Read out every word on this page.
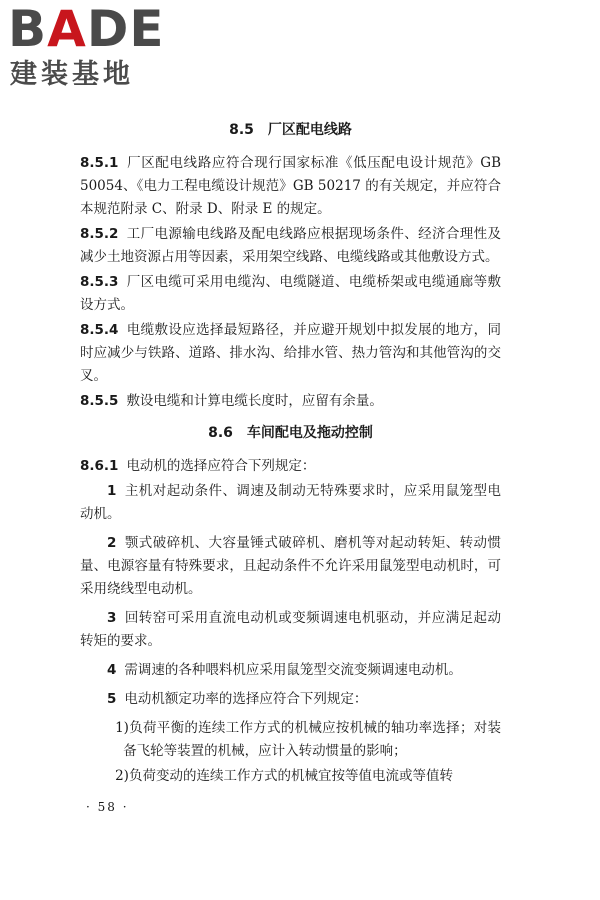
BADE
建装基地
8.5 厂区配电线路

8.5.1 厂区配电线路应符合现行国家标准《低压配电设计规范》GB 50054、《电力工程电缆设计规范》GB 50217 的有关规定，并应符合本规范附录 C、附录 D、附录 E 的规定。

8.5.2 工厂电源输电线路及配电线路应根据现场条件、经济合理性及减少土地资源占用等因素，采用架空线路、电缆线路或其他敷设方式。

8.5.3 厂区电缆可采用电缆沟、电缆隧道、电缆桥架或电缆通廊等敷设方式。

8.5.4 电缆敷设应选择最短路径，并应避开规划中拟发展的地方，同时应减少与铁路、道路、排水沟、给排水管、热力管沟和其他管沟的交叉。

8.5.5 敷设电缆和计算电缆长度时，应留有余量。

8.6 车间配电及拖动控制

8.6.1 电动机的选择应符合下列规定：

1 主机对起动条件、调速及制动无特殊要求时，应采用鼠笼型电动机。

2 颚式破碎机、大容量锤式破碎机、磨机等对起动转矩、转动惯量、电源容量有特殊要求，且起动条件不允许采用鼠笼型电动机时，可采用绕线型电动机。

3 回转窑可采用直流电动机或变频调速电机驱动，并应满足起动转矩的要求。

4 需调速的各种喂料机应采用鼠笼型交流变频调速电动机。

5 电动机额定功率的选择应符合下列规定：

1)负荷平衡的连续工作方式的机械应按机械的轴功率选择；对装备飞轮等装置的机械，应计入转动惯量的影响；

2)负荷变动的连续工作方式的机械宜按等值电流或等值转

· 58 ·
